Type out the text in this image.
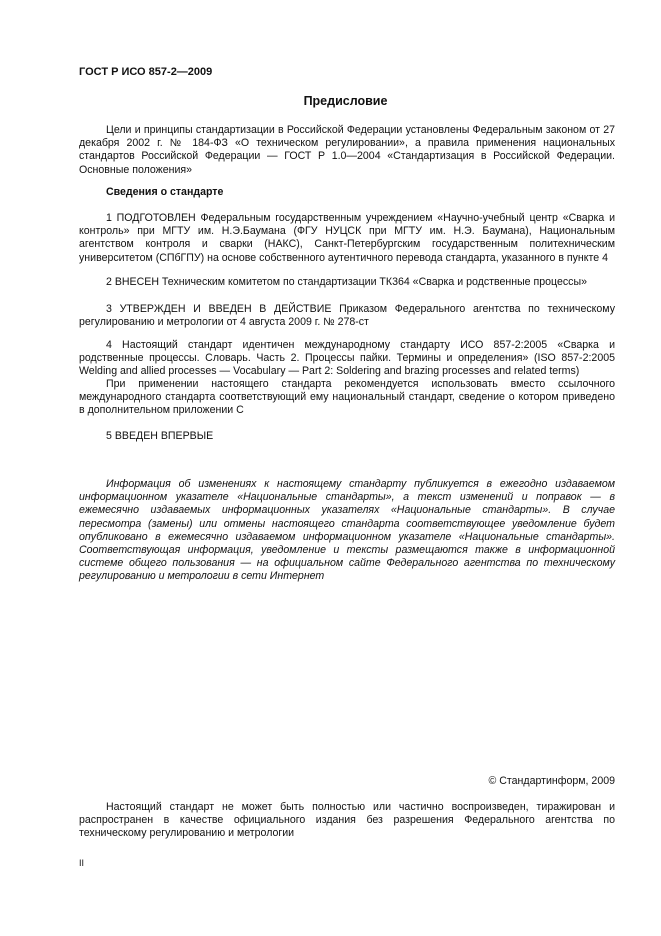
ГОСТ Р ИСО 857-2—2009
Предисловие
Цели и принципы стандартизации в Российской Федерации установлены Федеральным законом от 27 декабря 2002 г. № 184-ФЗ «О техническом регулировании», а правила применения национальных стандартов Российской Федерации — ГОСТ Р 1.0—2004 «Стандартизация в Российской Федерации. Основные положения»
Сведения о стандарте
1 ПОДГОТОВЛЕН Федеральным государственным учреждением «Научно-учебный центр «Сварка и контроль» при МГТУ им. Н.Э.Баумана (ФГУ НУЦСК при МГТУ им. Н.Э. Баумана), Национальным агентством контроля и сварки (НАКС), Санкт-Петербургским государственным политехническим университетом (СПбГПУ) на основе собственного аутентичного перевода стандарта, указанного в пункте 4
2 ВНЕСЕН Техническим комитетом по стандартизации ТК364 «Сварка и родственные процессы»
3 УТВЕРЖДЕН И ВВЕДЕН В ДЕЙСТВИЕ Приказом Федерального агентства по техническому регулированию и метрологии от 4 августа 2009 г. № 278-ст
4 Настоящий стандарт идентичен международному стандарту ИСО 857-2:2005 «Сварка и родственные процессы. Словарь. Часть 2. Процессы пайки. Термины и определения» (ISO 857-2:2005 Welding and allied processes — Vocabulary — Part 2: Soldering and brazing processes and related terms)
При применении настоящего стандарта рекомендуется использовать вместо ссылочного международного стандарта соответствующий ему национальный стандарт, сведение о котором приведено в дополнительном приложении С
5 ВВЕДЕН ВПЕРВЫЕ
Информация об изменениях к настоящему стандарту публикуется в ежегодно издаваемом информационном указателе «Национальные стандарты», а текст изменений и поправок — в ежемесячно издаваемых информационных указателях «Национальные стандарты». В случае пересмотра (замены) или отмены настоящего стандарта соответствующее уведомление будет опубликовано в ежемесячно издаваемом информационном указателе «Национальные стандарты». Соответствующая информация, уведомление и тексты размещаются также в информационной системе общего пользования — на официальном сайте Федерального агентства по техническому регулированию и метрологии в сети Интернет
© Стандартинформ, 2009
Настоящий стандарт не может быть полностью или частично воспроизведен, тиражирован и распространен в качестве официального издания без разрешения Федерального агентства по техническому регулированию и метрологии
II
